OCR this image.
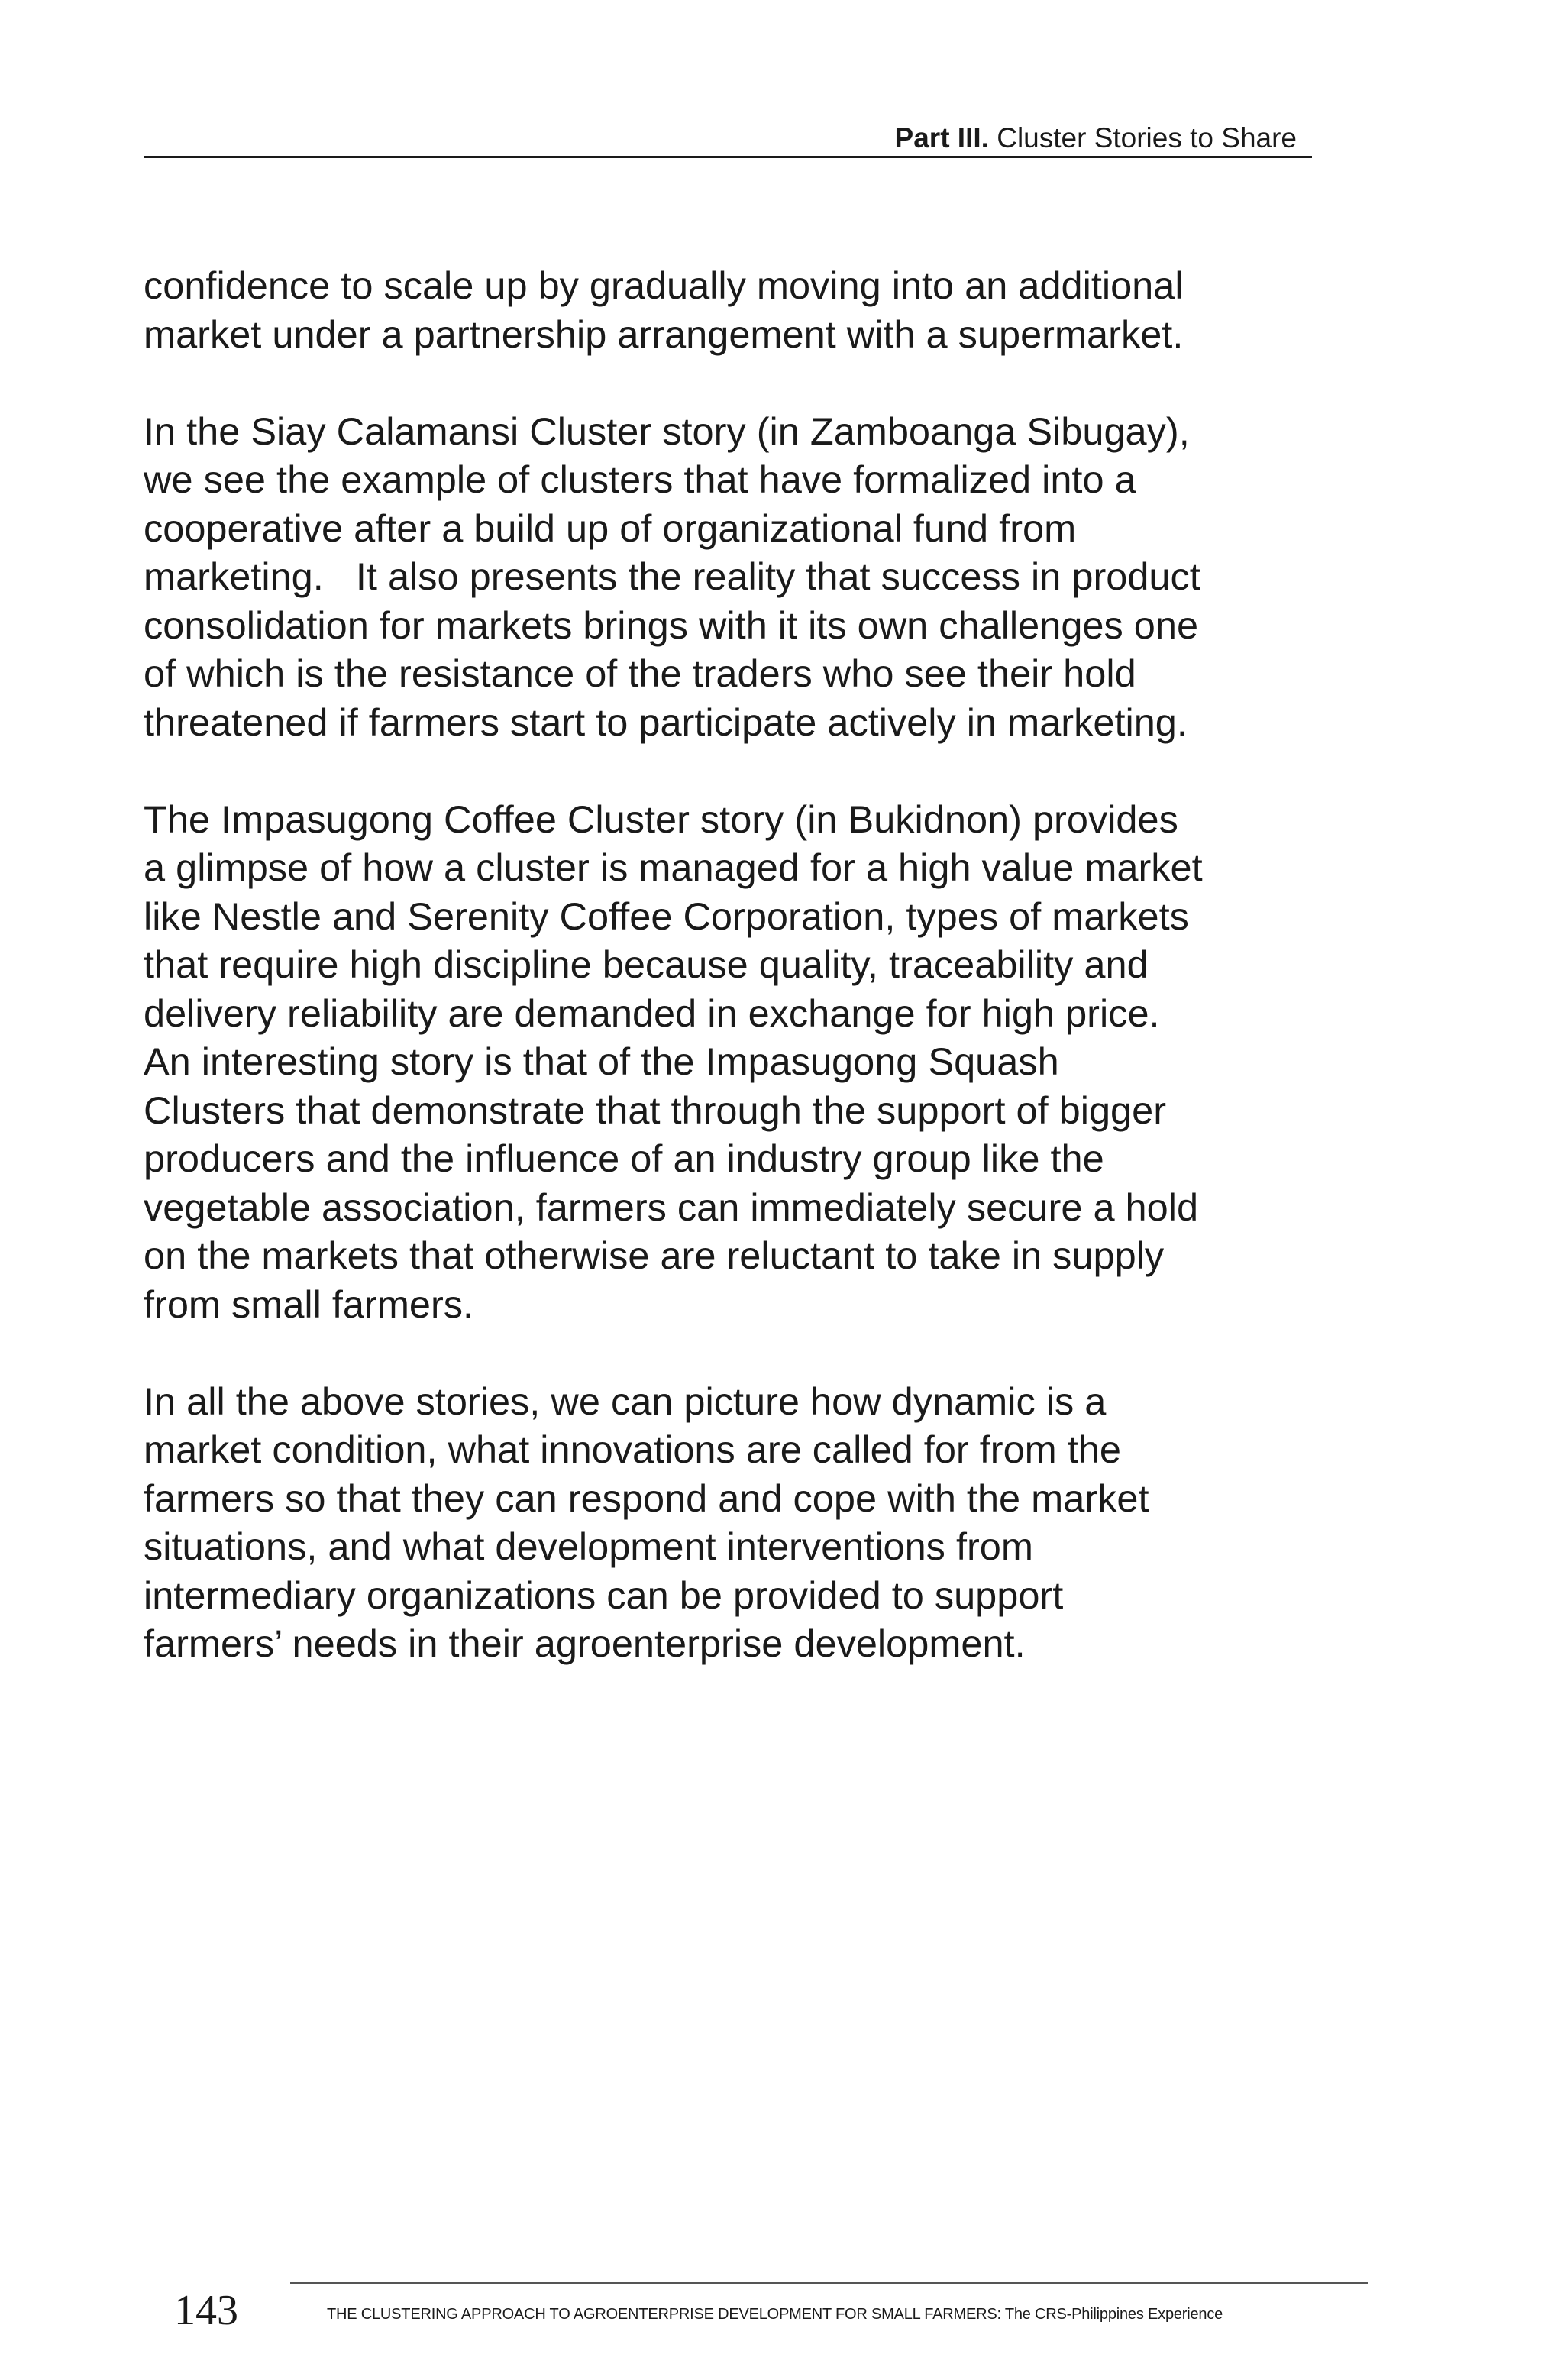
Part III. Cluster Stories to Share
confidence to scale up by gradually moving into an additional
market under a partnership arrangement with a supermarket.
In the Siay Calamansi Cluster story (in Zamboanga Sibugay),
we see the example of clusters that have formalized into a
cooperative after a build up of organizational fund from
marketing.   It also presents the reality that success in product
consolidation for markets brings with it its own challenges one
of which is the resistance of the traders who see their hold
threatened if farmers start to participate actively in marketing.
The Impasugong Coffee Cluster story (in Bukidnon) provides
a glimpse of how a cluster is managed for a high value market
like Nestle and Serenity Coffee Corporation, types of markets
that require high discipline because quality, traceability and
delivery reliability are demanded in exchange for high price.
An interesting story is that of the Impasugong Squash
Clusters that demonstrate that through the support of bigger
producers and the influence of an industry group like the
vegetable association, farmers can immediately secure a hold
on the markets that otherwise are reluctant to take in supply
from small farmers.
In all the above stories, we can picture how dynamic is a
market condition, what innovations are called for from the
farmers so that they can respond and cope with the market
situations, and what development interventions from
intermediary organizations can be provided to support
farmers’ needs in their agroenterprise development.
143	THE CLUSTERING APPROACH TO AGROENTERPRISE DEVELOPMENT FOR SMALL FARMERS: The CRS-Philippines Experience
